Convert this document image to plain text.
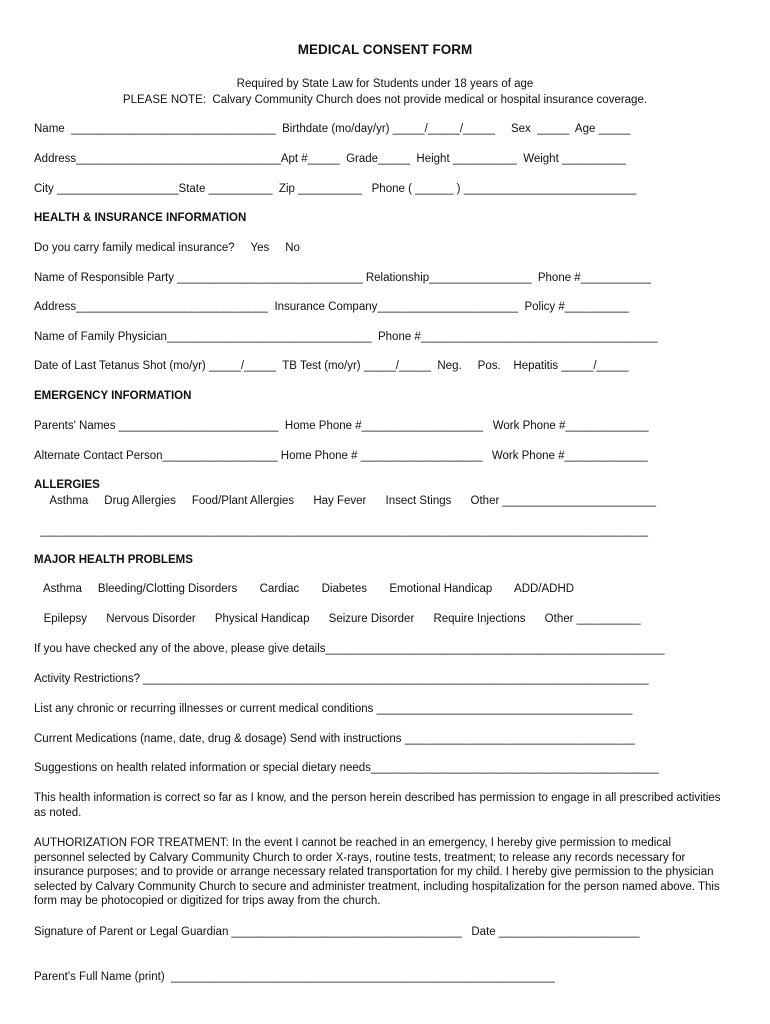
MEDICAL CONSENT FORM
Required by State Law for Students under 18 years of age
PLEASE NOTE:  Calvary Community Church does not provide medical or hospital insurance coverage.
Name  ________________________________  Birthdate (mo/day/yr) _____/_____/_____     Sex  _____  Age _____
Address________________________________Apt #_____  Grade_____  Height __________  Weight __________
City ___________________State __________  Zip __________   Phone ( ______ ) ___________________________
HEALTH & INSURANCE INFORMATION
Do you carry family medical insurance?     Yes     No
Name of Responsible Party _____________________________ Relationship________________  Phone #___________
Address______________________________  Insurance Company______________________  Policy #__________
Name of Family Physician________________________________  Phone #_____________________________________
Date of Last Tetanus Shot (mo/yr) _____/_____  TB Test (mo/yr) _____/_____  Neg.     Pos.    Hepatitis _____/_____
EMERGENCY INFORMATION
Parents' Names _________________________  Home Phone #___________________   Work Phone #_____________
Alternate Contact Person__________________ Home Phone # ___________________   Work Phone #_____________
ALLERGIES
Asthma     Drug Allergies     Food/Plant Allergies      Hay Fever      Insect Stings      Other ________________________
_______________________________________________________________________________________________
MAJOR HEALTH PROBLEMS
Asthma     Bleeding/Clotting Disorders       Cardiac       Diabetes       Emotional Handicap       ADD/ADHD
Epilepsy      Nervous Disorder      Physical Handicap      Seizure Disorder      Require Injections      Other __________
If you have checked any of the above, please give details_____________________________________________________
Activity Restrictions? _______________________________________________________________________________
List any chronic or recurring illnesses or current medical conditions ________________________________________
Current Medications (name, date, drug & dosage) Send with instructions ____________________________________
Suggestions on health related information or special dietary needs_____________________________________________
This health information is correct so far as I know, and the person herein described has permission to engage in all prescribed activities as noted.
AUTHORIZATION FOR TREATMENT: In the event I cannot be reached in an emergency, I hereby give permission to medical personnel selected by Calvary Community Church to order X-rays, routine tests, treatment; to release any records necessary for insurance purposes; and to provide or arrange necessary related transportation for my child. I hereby give permission to the physician selected by Calvary Community Church to secure and administer treatment, including hospitalization for the person named above. This form may be photocopied or digitized for trips away from the church.
Signature of Parent or Legal Guardian ____________________________________   Date ______________________
Parent's Full Name (print)  ____________________________________________________________
